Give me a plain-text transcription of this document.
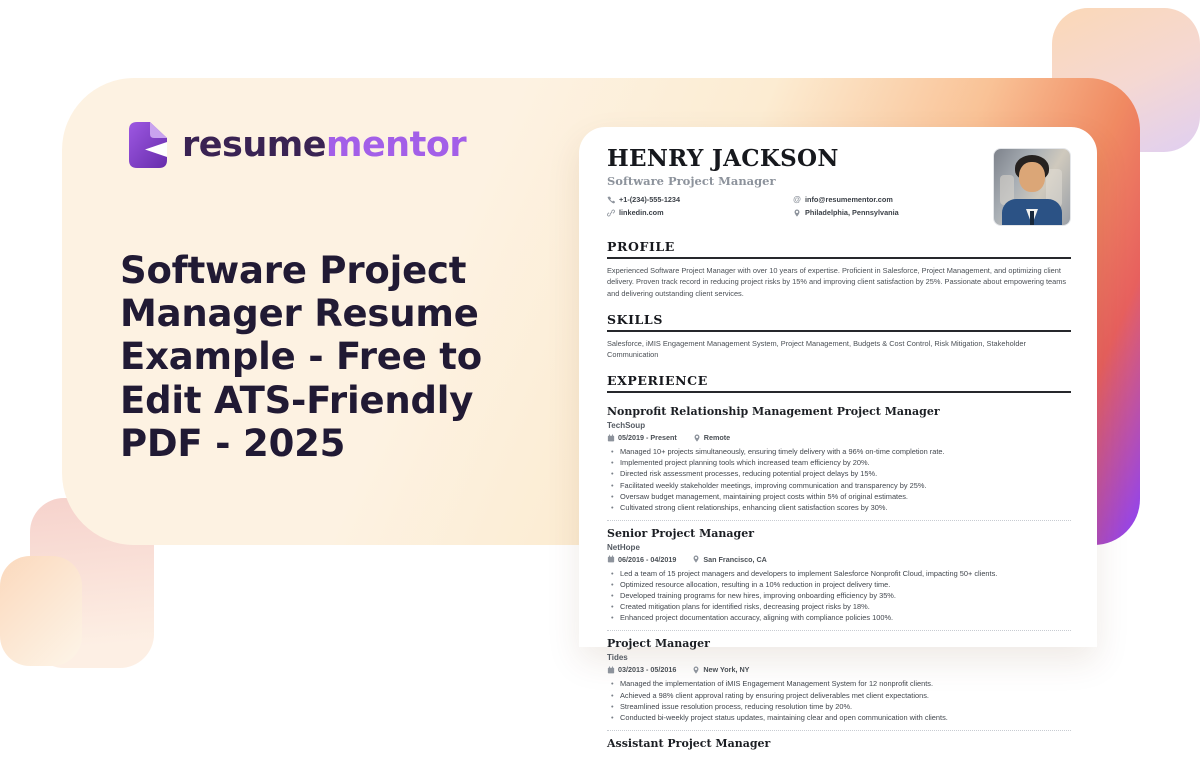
resumementor
Software Project Manager Resume Example - Free to Edit ATS-Friendly PDF - 2025
HENRY JACKSON
Software Project Manager
+1-(234)-555-1234	@ info@resumementor.com
linkedin.com	Philadelphia, Pennsylvania
PROFILE

Experienced Software Project Manager with over 10 years of expertise. Proficient in Salesforce, Project Management, and optimizing client delivery. Proven track record in reducing project risks by 15% and improving client satisfaction by 25%. Passionate about empowering teams and delivering outstanding client services.

SKILLS

Salesforce, iMIS Engagement Management System, Project Management, Budgets & Cost Control, Risk Mitigation, Stakeholder Communication

EXPERIENCE
Nonprofit Relationship Management Project Manager
TechSoup
05/2019 - Present	Remote
• Managed 10+ projects simultaneously, ensuring timely delivery with a 96% on-time completion rate.
• Implemented project planning tools which increased team efficiency by 20%.
• Directed risk assessment processes, reducing potential project delays by 15%.
• Facilitated weekly stakeholder meetings, improving communication and transparency by 25%.
• Oversaw budget management, maintaining project costs within 5% of original estimates.
• Cultivated strong client relationships, enhancing client satisfaction scores by 30%.
Senior Project Manager
NetHope
06/2016 - 04/2019	San Francisco, CA
• Led a team of 15 project managers and developers to implement Salesforce Nonprofit Cloud, impacting 50+ clients.
• Optimized resource allocation, resulting in a 10% reduction in project delivery time.
• Developed training programs for new hires, improving onboarding efficiency by 35%.
• Created mitigation plans for identified risks, decreasing project risks by 18%.
• Enhanced project documentation accuracy, aligning with compliance policies 100%.
Project Manager
Tides
03/2013 - 05/2016	New York, NY
• Managed the implementation of iMIS Engagement Management System for 12 nonprofit clients.
• Achieved a 98% client approval rating by ensuring project deliverables met client expectations.
• Streamlined issue resolution process, reducing resolution time by 20%.
• Conducted bi-weekly project status updates, maintaining clear and open communication with clients.
Assistant Project Manager
